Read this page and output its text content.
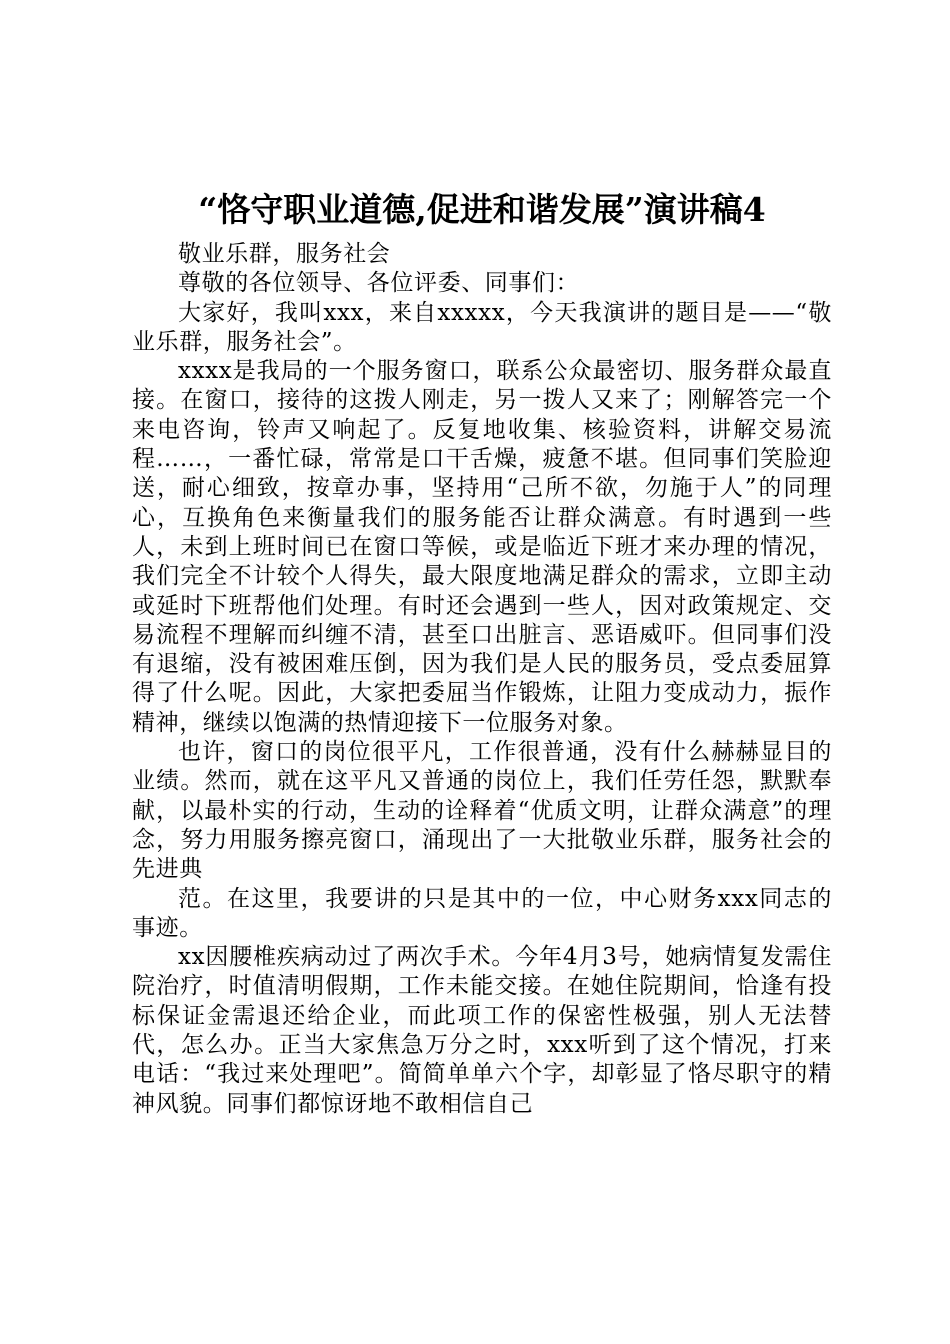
“恪守职业道德,促进和谐发展”演讲稿4

敬业乐群，服务社会

尊敬的各位领导、各位评委、同事们：

大家好，我叫xxx，来自xxxxx，今天我演讲的题目是——“敬业乐群，服务社会”。

xxxx是我局的一个服务窗口，联系公众最密切、服务群众最直接。在窗口，接待的这拨人刚走，另一拨人又来了；刚解答完一个来电咨询，铃声又响起了。反复地收集、核验资料，讲解交易流程……，一番忙碌，常常是口干舌燥，疲惫不堪。但同事们笑脸迎送，耐心细致，按章办事，坚持用“己所不欲，勿施于人”的同理心，互换角色来衡量我们的服务能否让群众满意。有时遇到一些人，未到上班时间已在窗口等候，或是临近下班才来办理的情况，我们完全不计较个人得失，最大限度地满足群众的需求，立即主动或延时下班帮他们处理。有时还会遇到一些人，因对政策规定、交易流程不理解而纠缠不清，甚至口出脏言、恶语威吓。但同事们没有退缩，没有被困难压倒，因为我们是人民的服务员，受点委屈算得了什么呢。因此，大家把委屈当作锻炼，让阻力变成动力，振作精神，继续以饱满的热情迎接下一位服务对象。

也许，窗口的岗位很平凡，工作很普通，没有什么赫赫显目的业绩。然而，就在这平凡又普通的岗位上，我们任劳任怨，默默奉献，以最朴实的行动，生动的诠释着“优质文明，让群众满意”的理念，努力用服务擦亮窗口，涌现出了一大批敬业乐群，服务社会的先进典

范。在这里，我要讲的只是其中的一位，中心财务xxx同志的事迹。

xx因腰椎疾病动过了两次手术。今年4月3号，她病情复发需住院治疗，时值清明假期，工作未能交接。在她住院期间，恰逢有投标保证金需退还给企业，而此项工作的保密性极强，别人无法替代，怎么办。正当大家焦急万分之时，xxx听到了这个情况，打来电话：“我过来处理吧”。简简单单六个字，却彰显了恪尽职守的精神风貌。同事们都惊讶地不敢相信自己
